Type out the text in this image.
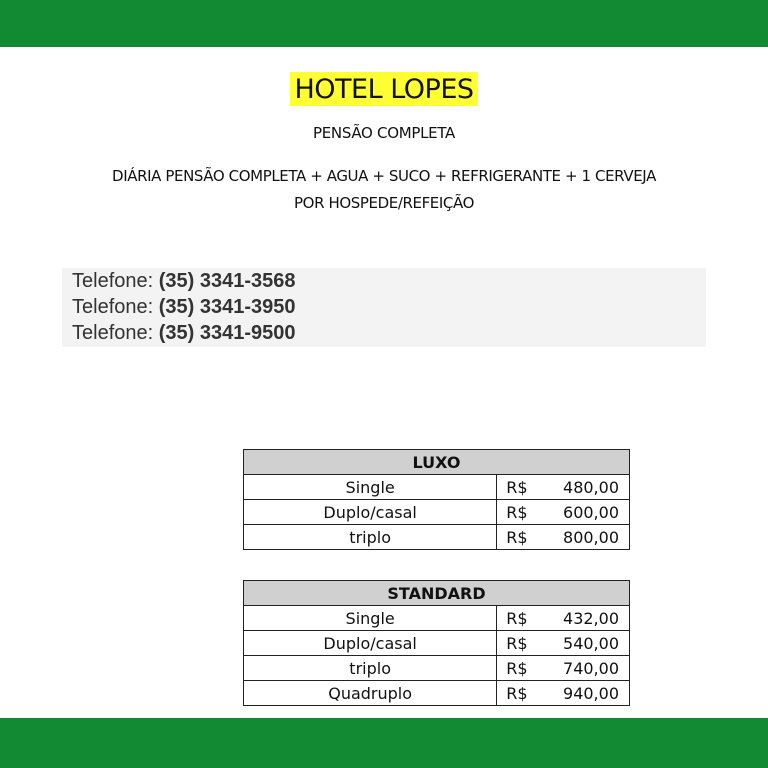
HOTEL LOPES
PENSÃO COMPLETA
DIÁRIA PENSÃO COMPLETA + AGUA + SUCO + REFRIGERANTE + 1 CERVEJA
POR HOSPEDE/REFEIÇÃO
Telefone: (35) 3341-3568
Telefone: (35) 3341-3950
Telefone: (35) 3341-9500
LUXO	
Single	R$ 480,00

Duplo/casal	R$ 600,00

triplo	R$ 800,00
STANDARD	
Single	R$ 432,00

Duplo/casal	R$ 540,00

triplo	R$ 740,00

Quadruplo	R$ 940,00
